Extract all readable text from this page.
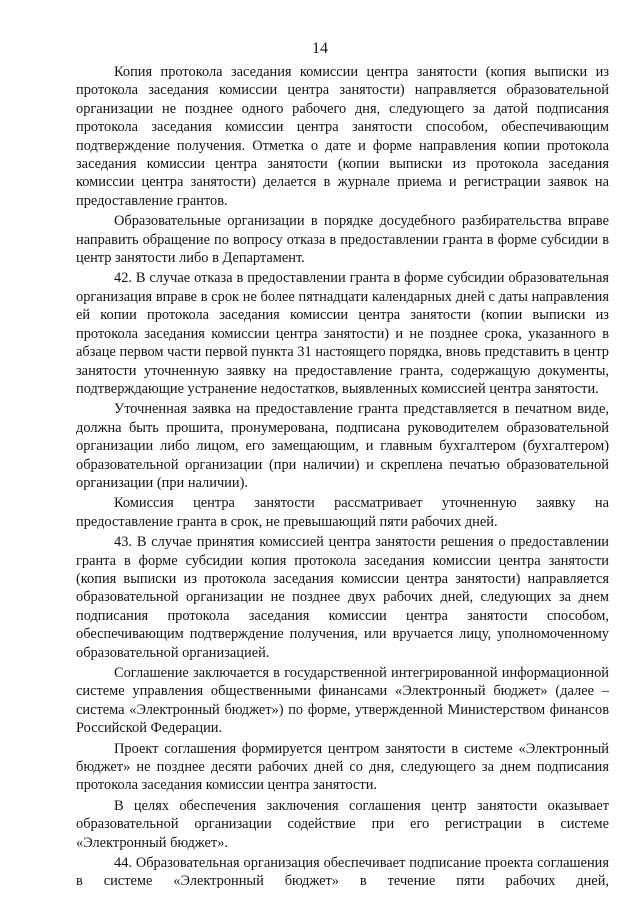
14

Копия протокола заседания комиссии центра занятости (копия выписки из протокола заседания комиссии центра занятости) направляется образовательной организации не позднее одного рабочего дня, следующего за датой подписания протокола заседания комиссии центра занятости способом, обеспечивающим подтверждение получения. Отметка о дате и форме направления копии протокола заседания комиссии центра занятости (копии выписки из протокола заседания комиссии центра занятости) делается в журнале приема и регистрации заявок на предоставление грантов.

Образовательные организации в порядке досудебного разбирательства вправе направить обращение по вопросу отказа в предоставлении гранта в форме субсидии в центр занятости либо в Департамент.

42. В случае отказа в предоставлении гранта в форме субсидии образовательная организация вправе в срок не более пятнадцати календарных дней с даты направления ей копии протокола заседания комиссии центра занятости (копии выписки из протокола заседания комиссии центра занятости) и не позднее срока, указанного в абзаце первом части первой пункта 31 настоящего порядка, вновь представить в центр занятости уточненную заявку на предоставление гранта, содержащую документы, подтверждающие устранение недостатков, выявленных комиссией центра занятости.

Уточненная заявка на предоставление гранта представляется в печатном виде, должна быть прошита, пронумерована, подписана руководителем образовательной организации либо лицом, его замещающим, и главным бухгалтером (бухгалтером) образовательной организации (при наличии) и скреплена печатью образовательной организации (при наличии).

Комиссия центра занятости рассматривает уточненную заявку на предоставление гранта в срок, не превышающий пяти рабочих дней.

43. В случае принятия комиссией центра занятости решения о предоставлении гранта в форме субсидии копия протокола заседания комиссии центра занятости (копия выписки из протокола заседания комиссии центра занятости) направляется образовательной организации не позднее двух рабочих дней, следующих за днем подписания протокола заседания комиссии центра занятости способом, обеспечивающим подтверждение получения, или вручается лицу, уполномоченному образовательной организацией.

Соглашение заключается в государственной интегрированной информационной системе управления общественными финансами «Электронный бюджет» (далее – система «Электронный бюджет») по форме, утвержденной Министерством финансов Российской Федерации.

Проект соглашения формируется центром занятости в системе «Электронный бюджет» не позднее десяти рабочих дней со дня, следующего за днем подписания протокола заседания комиссии центра занятости.

В целях обеспечения заключения соглашения центр занятости оказывает образовательной организации содействие при его регистрации в системе «Электронный бюджет».

44. Образовательная организация обеспечивает подписание проекта соглашения в системе «Электронный бюджет» в течение пяти рабочих дней,
